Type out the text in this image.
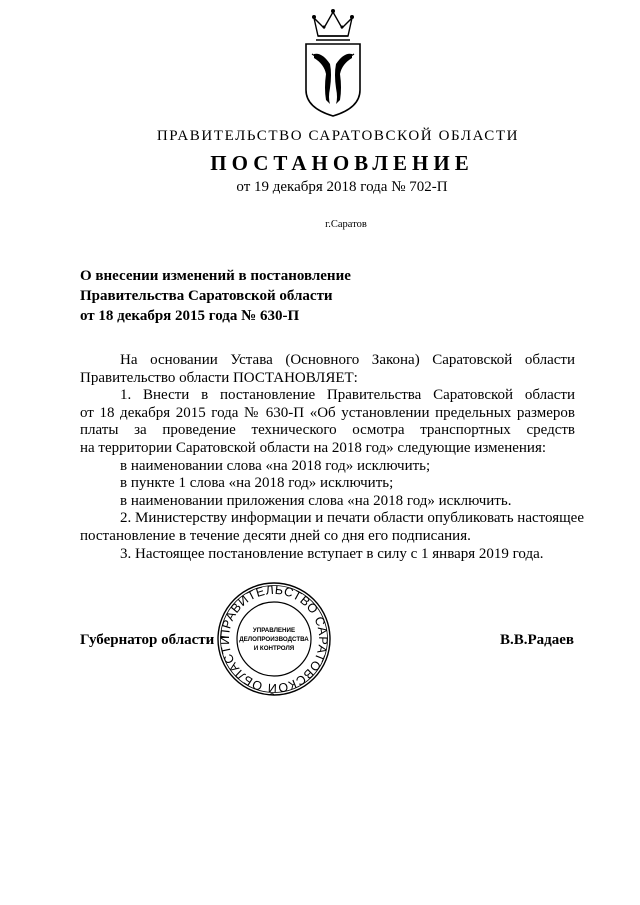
ПРАВИТЕЛЬСТВО САРАТОВСКОЙ ОБЛАСТИ
ПОСТАНОВЛЕНИЕ
от 19 декабря 2018 года № 702-П
г.Саратов
О внесении изменений в постановление
Правительства Саратовской области
от 18 декабря 2015 года № 630-П
На основании Устава (Основного Закона) Саратовской области
Правительство области ПОСТАНОВЛЯЕТ:
1. Внести в постановление Правительства Саратовской области
от 18 декабря 2015 года № 630-П «Об установлении предельных размеров
платы за проведение технического осмотра транспортных средств
на территории Саратовской области на 2018 год» следующие изменения:
в наименовании слова «на 2018 год» исключить;
в пункте 1 слова «на 2018 год» исключить;
в наименовании приложения слова «на 2018 год» исключить.
2. Министерству информации и печати области опубликовать настоящее
постановление в течение десяти дней со дня его подписания.
3. Настоящее постановление вступает в силу с 1 января 2019 года.
ПРАВИТЕЛЬСТВО САРАТОВСКОЙ ОБЛАСТИ
УПРАВЛЕНИЕ
ДЕЛОПРОИЗВОДСТВА
И КОНТРОЛЯ
Губернатор области	В.В.Радаев
